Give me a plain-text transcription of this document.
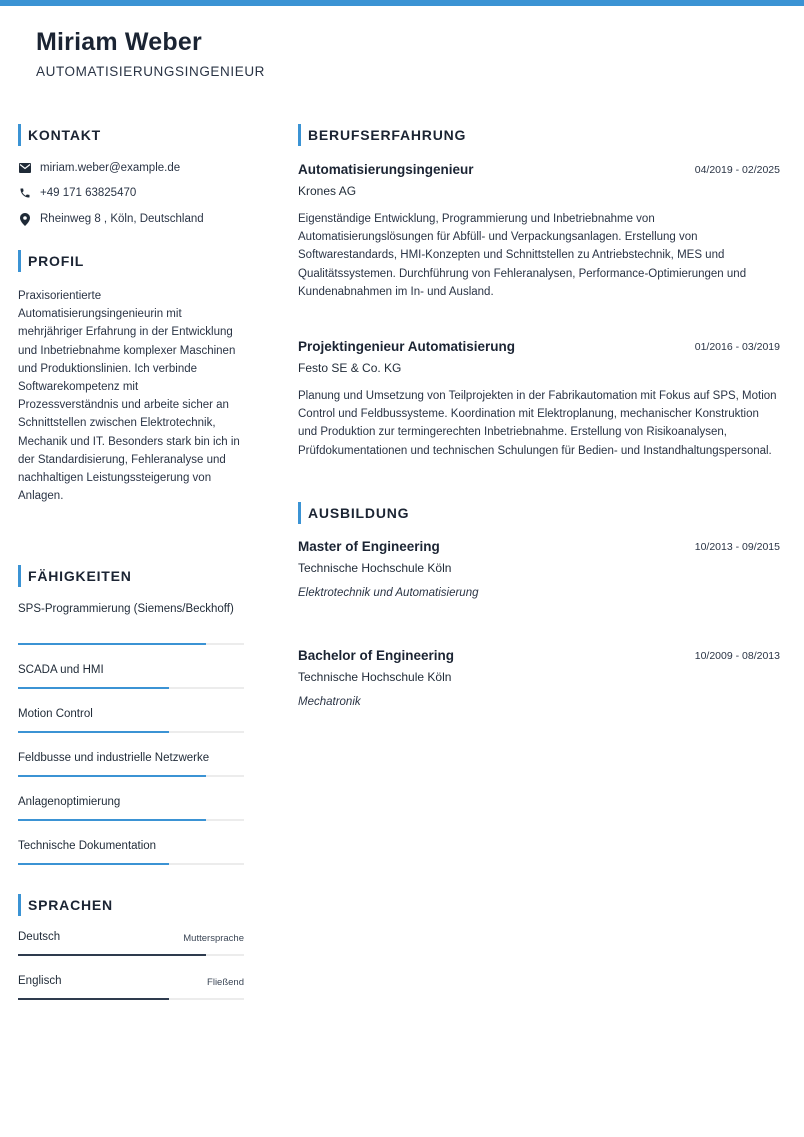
Miriam Weber
AUTOMATISIERUNGSINGENIEUR
KONTAKT
miriam.weber@example.de
+49 171 63825470
Rheinweg 8 , Köln, Deutschland
PROFIL
Praxisorientierte Automatisierungsingenieurin mit mehrjähriger Erfahrung in der Entwicklung und Inbetriebnahme komplexer Maschinen und Produktionslinien. Ich verbinde Softwarekompetenz mit Prozessverständnis und arbeite sicher an Schnittstellen zwischen Elektrotechnik, Mechanik und IT. Besonders stark bin ich in der Standardisierung, Fehleranalyse und nachhaltigen Leistungssteigerung von Anlagen.
FÄHIGKEITEN
SPS-Programmierung (Siemens/Beckhoff)
SCADA und HMI
Motion Control
Feldbusse und industrielle Netzwerke
Anlagenoptimierung
Technische Dokumentation
SPRACHEN
Deutsch	Muttersprache
Englisch	Fließend
BERUFSERFAHRUNG
Automatisierungsingenieur	04/2019 - 02/2025
Krones AG
Eigenständige Entwicklung, Programmierung und Inbetriebnahme von Automatisierungslösungen für Abfüll- und Verpackungsanlagen. Erstellung von Softwarestandards, HMI-Konzepten und Schnittstellen zu Antriebstechnik, MES und Qualitätssystemen. Durchführung von Fehleranalysen, Performance-Optimierungen und Kundenabnahmen im In- und Ausland.
Projektingenieur Automatisierung	01/2016 - 03/2019
Festo SE & Co. KG
Planung und Umsetzung von Teilprojekten in der Fabrikautomation mit Fokus auf SPS, Motion Control und Feldbussysteme. Koordination mit Elektroplanung, mechanischer Konstruktion und Produktion zur termingerechten Inbetriebnahme. Erstellung von Risikoanalysen, Prüfdokumentationen und technischen Schulungen für Bedien- und Instandhaltungspersonal.
AUSBILDUNG
Master of Engineering	10/2013 - 09/2015
Technische Hochschule Köln
Elektrotechnik und Automatisierung
Bachelor of Engineering	10/2009 - 08/2013
Technische Hochschule Köln
Mechatronik
